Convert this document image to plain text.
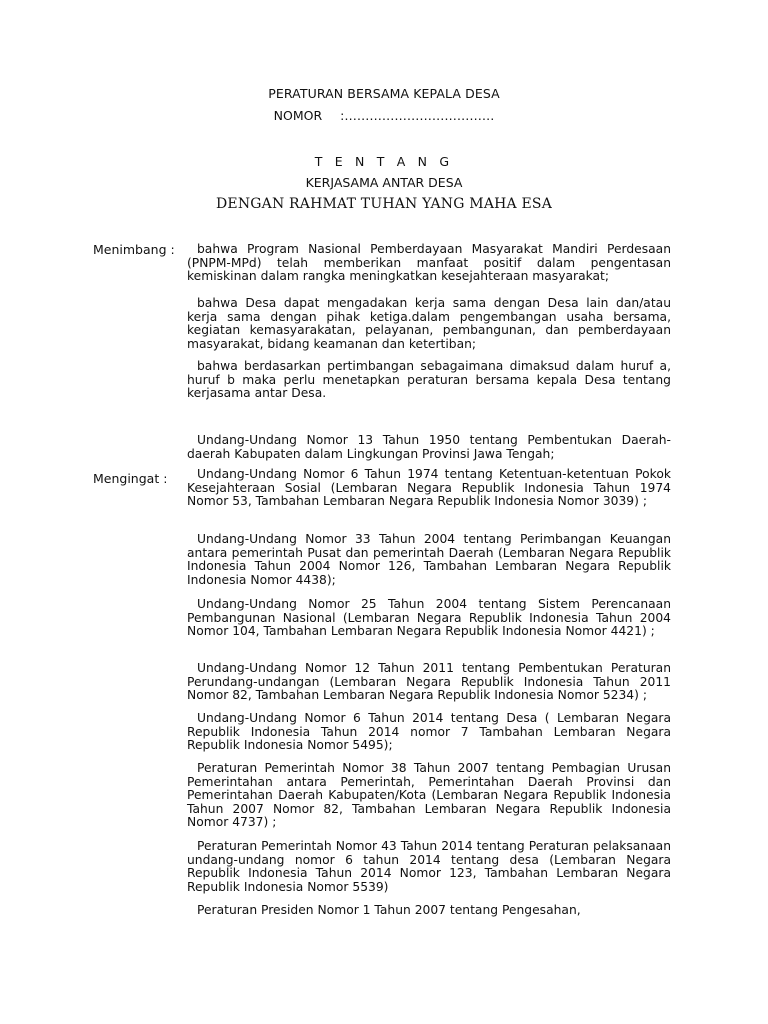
PERATURAN BERSAMA KEPALA DESA
NOMOR :………………………………
T E N T A N G
KERJASAMA ANTAR DESA
DENGAN RAHMAT TUHAN YANG MAHA ESA
Menimbang :	bahwa Program Nasional Pemberdayaan Masyarakat Mandiri Perdesaan (PNPM-MPd) telah memberikan manfaat positif dalam pengentasan kemiskinan dalam rangka meningkatkan kesejahteraan masyarakat;
bahwa Desa dapat mengadakan kerja sama dengan Desa lain dan/atau kerja sama dengan pihak ketiga.dalam pengembangan usaha bersama, kegiatan kemasyarakatan, pelayanan, pembangunan, dan pemberdayaan masyarakat, bidang keamanan dan ketertiban;
bahwa berdasarkan pertimbangan sebagaimana dimaksud dalam huruf a, huruf b maka perlu menetapkan peraturan bersama kepala Desa tentang kerjasama antar Desa.
Mengingat :
Undang-Undang Nomor 13 Tahun 1950 tentang Pembentukan Daerah-daerah Kabupaten dalam Lingkungan Provinsi Jawa Tengah;
Undang-Undang Nomor 6 Tahun 1974 tentang Ketentuan-ketentuan Pokok Kesejahteraan Sosial (Lembaran Negara Republik Indonesia Tahun 1974 Nomor 53, Tambahan Lembaran Negara Republik Indonesia Nomor 3039) ;
Undang-Undang Nomor 33 Tahun 2004 tentang Perimbangan Keuangan antara pemerintah Pusat dan pemerintah Daerah (Lembaran Negara Republik Indonesia Tahun 2004 Nomor 126, Tambahan Lembaran Negara Republik Indonesia Nomor 4438);
Undang-Undang Nomor 25 Tahun 2004 tentang Sistem Perencanaan Pembangunan Nasional (Lembaran Negara Republik Indonesia Tahun 2004 Nomor 104, Tambahan Lembaran Negara Republik Indonesia Nomor 4421) ;
Undang-Undang Nomor 12 Tahun 2011 tentang Pembentukan Peraturan Perundang-undangan (Lembaran Negara Republik Indonesia Tahun 2011 Nomor 82, Tambahan Lembaran Negara Republik Indonesia Nomor 5234) ;
Undang-Undang Nomor 6 Tahun 2014 tentang Desa ( Lembaran Negara Republik Indonesia Tahun 2014 nomor 7 Tambahan Lembaran Negara Republik Indonesia Nomor 5495);
Peraturan Pemerintah Nomor 38 Tahun 2007 tentang Pembagian Urusan Pemerintahan antara Pemerintah, Pemerintahan Daerah Provinsi dan Pemerintahan Daerah Kabupaten/Kota (Lembaran Negara Republik Indonesia Tahun 2007 Nomor 82, Tambahan Lembaran Negara Republik Indonesia Nomor 4737) ;
Peraturan Pemerintah Nomor 43 Tahun 2014 tentang Peraturan pelaksanaan undang-undang nomor 6 tahun 2014 tentang desa (Lembaran Negara Republik Indonesia Tahun 2014 Nomor 123, Tambahan Lembaran Negara Republik Indonesia Nomor 5539)
Peraturan Presiden Nomor 1 Tahun 2007 tentang Pengesahan,
